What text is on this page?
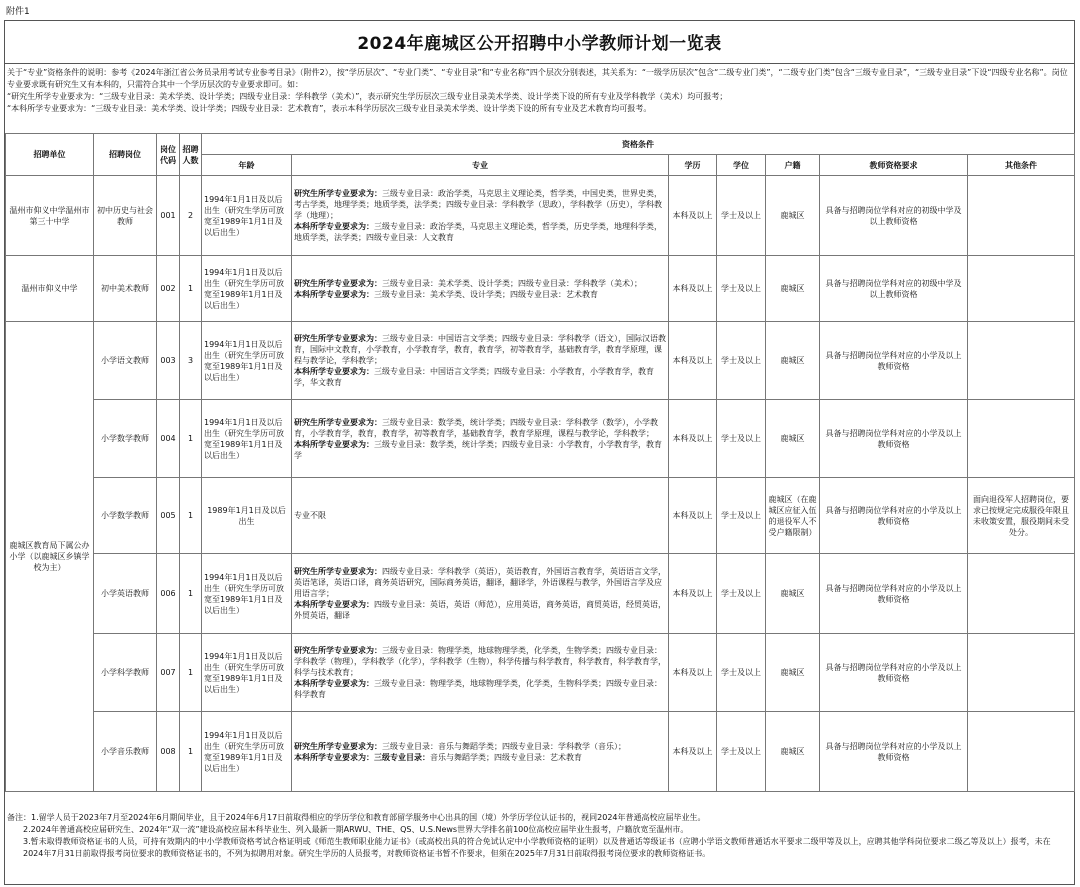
附件1
2024年鹿城区公开招聘中小学教师计划一览表
关于“专业”资格条件的说明：参考《2024年浙江省公务员录用考试专业参考目录》（附件2），按“学历层次”、“专业门类”、“专业目录”和“专业名称”四个层次分别表述，其关系为：“一级学历层次”包含“二级专业门类”，“二级专业门类”包含“三级专业目录”，“三级专业目录”下设“四级专业名称”。岗位专业要求既有研究生又有本科的，只需符合其中一个学历层次的专业要求即可。如：
“研究生所学专业要求为：“三级专业目录：美术学类、设计学类；四级专业目录：学科教学（美术）”，表示研究生学历层次三级专业目录美术学类、设计学类下设的所有专业及学科教学（美术）均可报考；
“本科所学专业要求为：“三级专业目录：美术学类、设计学类；四级专业目录：艺术教育”，表示本科学历层次三级专业目录美术学类、设计学类下设的所有专业及艺术教育均可报考。
招聘单位	招聘岗位	岗位代码	招聘人数	资格条件						
				年龄	专业	学历	学位	户籍	教师资格要求	其他条件
温州市仰义中学温州市第三十中学	初中历史与社会教师	001	2	1994年1月1日及以后出生（研究生学历可放宽至1989年1月1日及以后出生）	研究生所学专业要求为：三级专业目录：政治学类，马克思主义理论类，哲学类，中国史类，世界史类，考古学类，地理学类；地质学类，法学类；四级专业目录：学科教学（思政），学科教学（历史），学科教学（地理）；
本科所学专业要求为：三级专业目录：政治学类，马克思主义理论类，哲学类，历史学类，地理科学类，地质学类，法学类；四级专业目录：人文教育	本科及以上	学士及以上	鹿城区	具备与招聘岗位学科对应的初级中学及以上教师资格	
温州市仰义中学	初中美术教师	002	1	1994年1月1日及以后出生（研究生学历可放宽至1989年1月1日及以后出生）	研究生所学专业要求为：三级专业目录：美术学类、设计学类；四级专业目录：学科教学（美术）；
本科所学专业要求为：三级专业目录：美术学类、设计学类；四级专业目录：艺术教育	本科及以上	学士及以上	鹿城区	具备与招聘岗位学科对应的初级中学及以上教师资格	
鹿城区教育局下属公办小学（以鹿城区乡镇学校为主）	小学语文教师	003	3	1994年1月1日及以后出生（研究生学历可放宽至1989年1月1日及以后出生）	研究生所学专业要求为：三级专业目录：中国语言文学类；四级专业目录：学科教学（语文），国际汉语教育，国际中文教育，小学教育，小学教育学，教育，教育学，初等教育学，基础教育学，教育学原理，课程与教学论，学科教学；
本科所学专业要求为：三级专业目录：中国语言文学类；四级专业目录：小学教育，小学教育学，教育学，华文教育	本科及以上	学士及以上	鹿城区	具备与招聘岗位学科对应的小学及以上教师资格	
	小学数学教师	004	1	1994年1月1日及以后出生（研究生学历可放宽至1989年1月1日及以后出生）	研究生所学专业要求为：三级专业目录：数学类，统计学类；四级专业目录：学科教学（数学），小学教育，小学教育学，教育，教育学，初等教育学，基础教育学，教育学原理，课程与教学论，学科教学；
本科所学专业要求为：三级专业目录：数学类，统计学类；四级专业目录：小学教育，小学教育学，教育学	本科及以上	学士及以上	鹿城区	具备与招聘岗位学科对应的小学及以上教师资格	
	小学数学教师	005	1	1989年1月1日及以后出生	专业不限	本科及以上	学士及以上	鹿城区（在鹿城区应征入伍的退役军人不受户籍限制）	具备与招聘岗位学科对应的小学及以上教师资格	面向退役军人招聘岗位，要求已按规定完成服役年限且未收策安置，服役期间未受处分。
	小学英语教师	006	1	1994年1月1日及以后出生（研究生学历可放宽至1989年1月1日及以后出生）	研究生所学专业要求为：四级专业目录：学科教学（英语），英语教育，外国语言教育学，英语语言文学，英语笔译，英语口译，商务英语研究，国际商务英语，翻译，翻译学，外语课程与教学，外国语言学及应用语言学；
本科所学专业要求为：四级专业目录：英语，英语（师范），应用英语，商务英语，商贸英语，经贸英语，外贸英语，翻译	本科及以上	学士及以上	鹿城区	具备与招聘岗位学科对应的小学及以上教师资格	
	小学科学教师	007	1	1994年1月1日及以后出生（研究生学历可放宽至1989年1月1日及以后出生）	研究生所学专业要求为：三级专业目录：物理学类，地球物理学类，化学类，生物学类；四级专业目录：学科教学（物理），学科教学（化学），学科教学（生物），科学传播与科学教育，科学教育，科学教育学，科学与技术教育；
本科所学专业要求为：三级专业目录：物理学类，地球物理学类，化学类，生物科学类；四级专业目录：科学教育	本科及以上	学士及以上	鹿城区	具备与招聘岗位学科对应的小学及以上教师资格	
	小学音乐教师	008	1	1994年1月1日及以后出生（研究生学历可放宽至1989年1月1日及以后出生）	研究生所学专业要求为：三级专业目录：音乐与舞蹈学类；四级专业目录：学科教学（音乐）；
本科所学专业要求为：三级专业目录：音乐与舞蹈学类；四级专业目录：艺术教育	本科及以上	学士及以上	鹿城区	具备与招聘岗位学科对应的小学及以上教师资格	
备注：1.留学人员于2023年7月至2024年6月期间毕业，且于2024年6月17日前取得相应的学历学位和教育部留学服务中心出具的国（境）外学历学位认证书的，视同2024年普通高校应届毕业生。
2.2024年普通高校应届研究生、2024年“双一流”建设高校应届本科毕业生、列入最新一期ARWU、THE、QS、U.S.News世界大学排名前100位高校应届毕业生报考，户籍放宽至温州市。
3.暂未取得教师资格证书的人员，可持有效期内的中小学教师资格考试合格证明或《师范生教师职业能力证书》（或高校出具的符合免试认定中小学教师资格的证明）以及普通话等级证书（应聘小学语文教师普通话水平要求二级甲等及以上，应聘其他学科岗位要求二级乙等及以上）报考，未在2024年7月31日前取得报考岗位要求的教师资格证书的，不列为拟聘用对象。研究生学历的人员报考，对教师资格证书暂不作要求，但须在2025年7月31日前取得报考岗位要求的教师资格证书。
